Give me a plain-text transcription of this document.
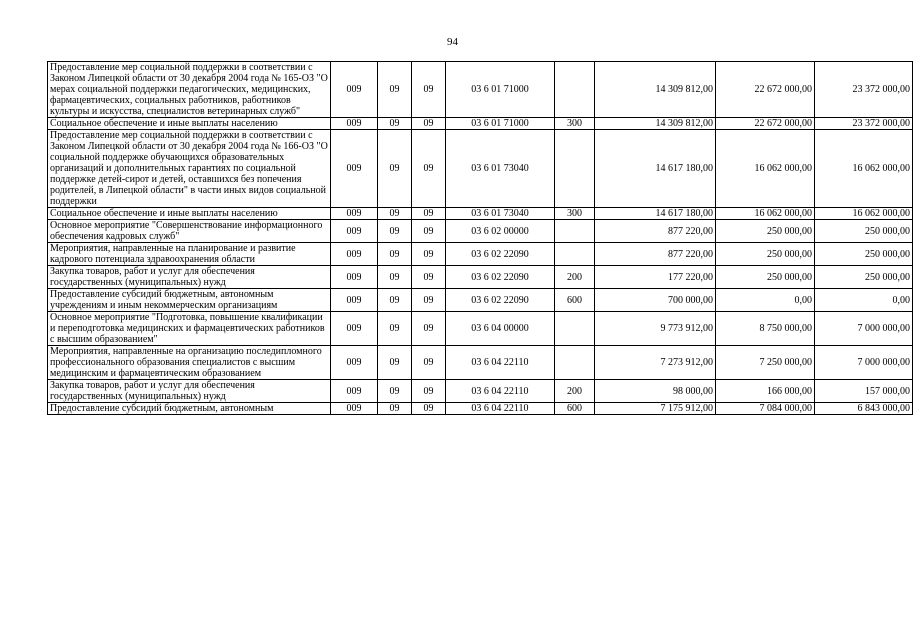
94
Предоставление мер социальной поддержки в соответствии с Законом Липецкой области от 30 декабря 2004 года № 165-ОЗ "О мерах социальной поддержки педагогических, медицинских, фармацевтических, социальных работников, работников культуры и искусства, специалистов ветеринарных служб"	009	09	09	03 6 01 71000		14 309 812,00	22 672 000,00	23 372 000,00
Социальное обеспечение и иные выплаты населению	009	09	09	03 6 01 71000	300	14 309 812,00	22 672 000,00	23 372 000,00
Предоставление мер социальной поддержки в соответствии с Законом Липецкой области от 30 декабря 2004 года № 166-ОЗ "О социальной поддержке обучающихся образовательных организаций и дополнительных гарантиях по социальной поддержке детей-сирот и детей, оставшихся без попечения родителей, в Липецкой области" в части иных видов социальной поддержки	009	09	09	03 6 01 73040		14 617 180,00	16 062 000,00	16 062 000,00
Социальное обеспечение и иные выплаты населению	009	09	09	03 6 01 73040	300	14 617 180,00	16 062 000,00	16 062 000,00
Основное мероприятие "Совершенствование информационного обеспечения кадровых служб"	009	09	09	03 6 02 00000		877 220,00	250 000,00	250 000,00
Мероприятия, направленные на планирование и развитие кадрового потенциала здравоохранения области	009	09	09	03 6 02 22090		877 220,00	250 000,00	250 000,00
Закупка товаров, работ и услуг для обеспечения государственных (муниципальных) нужд	009	09	09	03 6 02 22090	200	177 220,00	250 000,00	250 000,00
Предоставление субсидий бюджетным, автономным учреждениям и иным некоммерческим организациям	009	09	09	03 6 02 22090	600	700 000,00	0,00	0,00
Основное мероприятие "Подготовка, повышение квалификации и переподготовка медицинских и фармацевтических работников с высшим образованием"	009	09	09	03 6 04 00000		9 773 912,00	8 750 000,00	7 000 000,00
Мероприятия, направленные на организацию последипломного профессионального образования специалистов с высшим медицинским и фармацевтическим образованием	009	09	09	03 6 04 22110		7 273 912,00	7 250 000,00	7 000 000,00
Закупка товаров, работ и услуг для обеспечения государственных (муниципальных) нужд	009	09	09	03 6 04 22110	200	98 000,00	166 000,00	157 000,00
Предоставление субсидий бюджетным, автономным	009	09	09	03 6 04 22110	600	7 175 912,00	7 084 000,00	6 843 000,00
